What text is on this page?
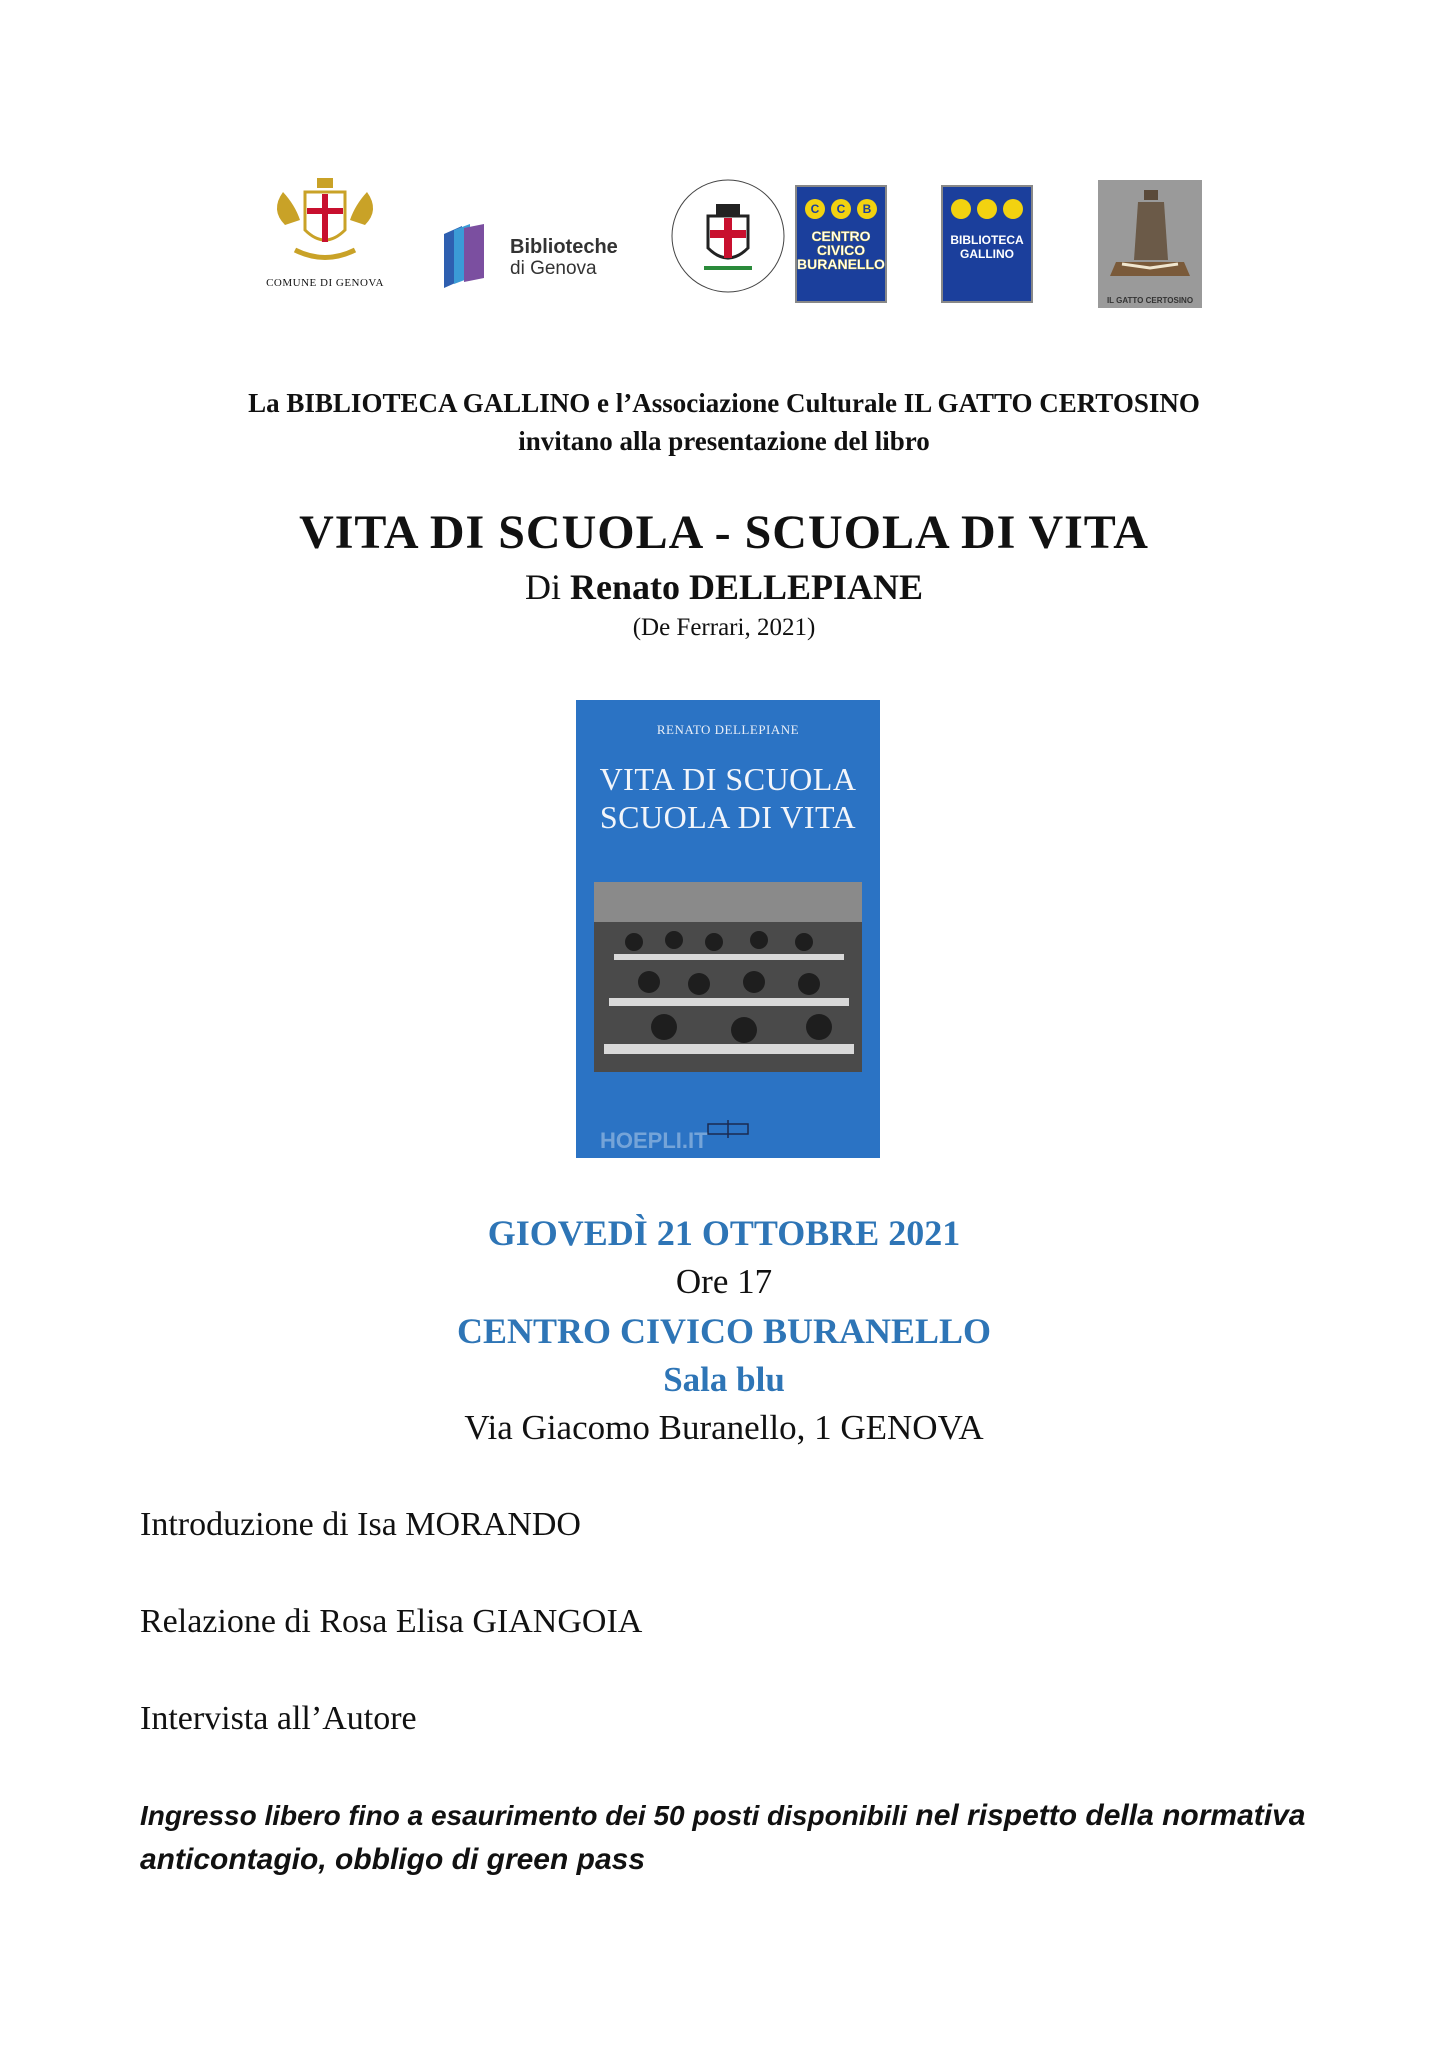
COMUNE DI GENOVA
Biblioteche
di Genova
C	C	B
CENTRO
CIVICO
BURANELLO
BIBLIOTECA
GALLINO
IL GATTO CERTOSINO
La BIBLIOTECA GALLINO e l’Associazione Culturale IL GATTO CERTOSINO
invitano alla presentazione del libro
VITA DI SCUOLA - SCUOLA DI VITA
Di Renato DELLEPIANE
(De Ferrari, 2021)
RENATO DELLEPIANE
VITA DI SCUOLA
SCUOLA DI VITA
HOEPLI.IT
GIOVEDÌ 21 OTTOBRE 2021
Ore 17
CENTRO CIVICO BURANELLO
Sala blu
Via Giacomo Buranello, 1 GENOVA
Introduzione di Isa MORANDO
Relazione di Rosa Elisa GIANGOIA
Intervista all’Autore
Ingresso libero fino a esaurimento dei 50 posti disponibili nel rispetto della normativa anticontagio, obbligo di green pass
